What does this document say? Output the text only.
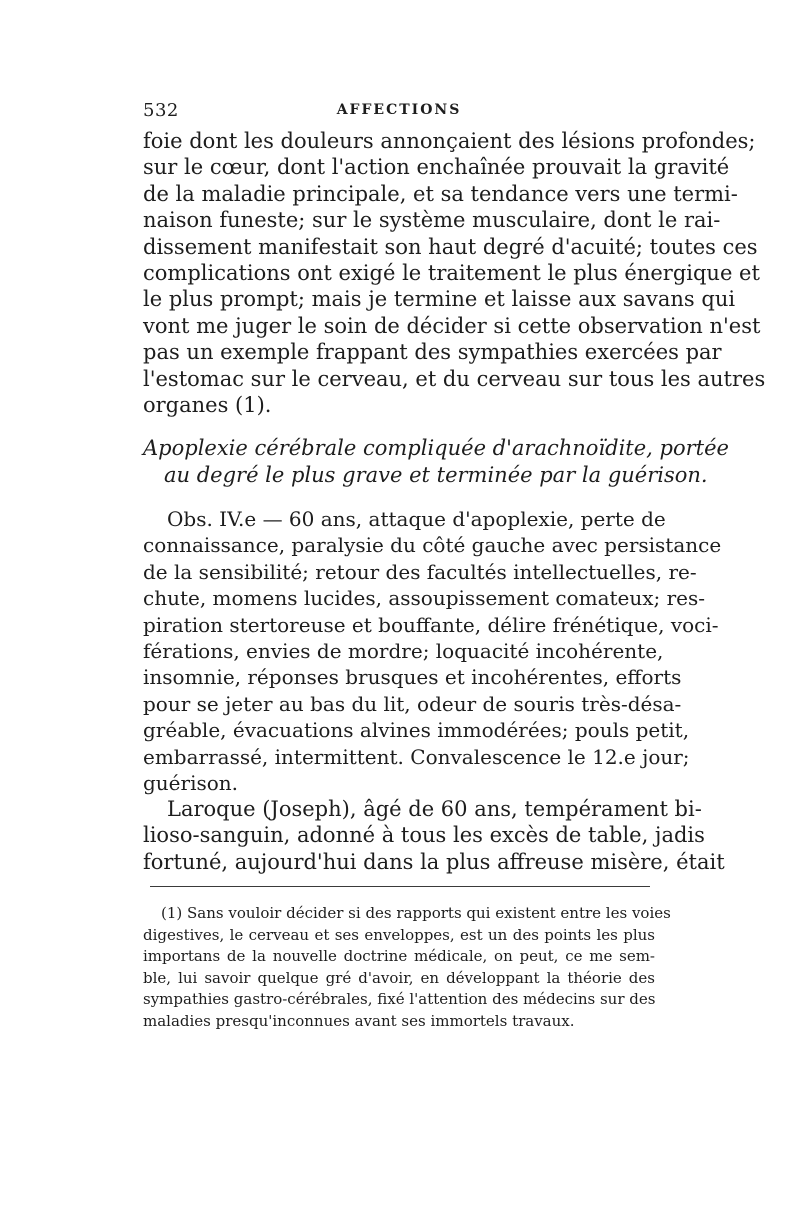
532	AFFECTIONS
foie dont les douleurs annonçaient des lésions profondes;
sur le cœur, dont l'action enchaînée prouvait la gravité
de la maladie principale, et sa tendance vers une termi-
naison funeste; sur le système musculaire, dont le rai-
dissement manifestait son haut degré d'acuité; toutes ces
complications ont exigé le traitement le plus énergique et
le plus prompt; mais je termine et laisse aux savans qui
vont me juger le soin de décider si cette observation n'est
pas un exemple frappant des sympathies exercées par
l'estomac sur le cerveau, et du cerveau sur tous les autres
organes (1).
Apoplexie cérébrale compliquée d'arachnoïdite, portée
au degré le plus grave et terminée par la guérison.
Obs. IV.e — 60 ans, attaque d'apoplexie, perte de
connaissance, paralysie du côté gauche avec persistance
de la sensibilité; retour des facultés intellectuelles, re-
chute, momens lucides, assoupissement comateux; res-
piration stertoreuse et bouffante, délire frénétique, voci-
férations, envies de mordre; loquacité incohérente,
insomnie, réponses brusques et incohérentes, efforts
pour se jeter au bas du lit, odeur de souris très-désa-
gréable, évacuations alvines immodérées; pouls petit,
embarrassé, intermittent. Convalescence le 12.e jour;
guérison.
Laroque (Joseph), âgé de 60 ans, tempérament bi-
lioso-sanguin, adonné à tous les excès de table, jadis
fortuné, aujourd'hui dans la plus affreuse misère, était
(1) Sans vouloir décider si des rapports qui existent entre les voies
digestives, le cerveau et ses enveloppes, est un des points les plus
importans de la nouvelle doctrine médicale, on peut, ce me sem-
ble, lui savoir quelque gré d'avoir, en développant la théorie des
sympathies gastro-cérébrales, fixé l'attention des médecins sur des
maladies presqu'inconnues avant ses immortels travaux.
